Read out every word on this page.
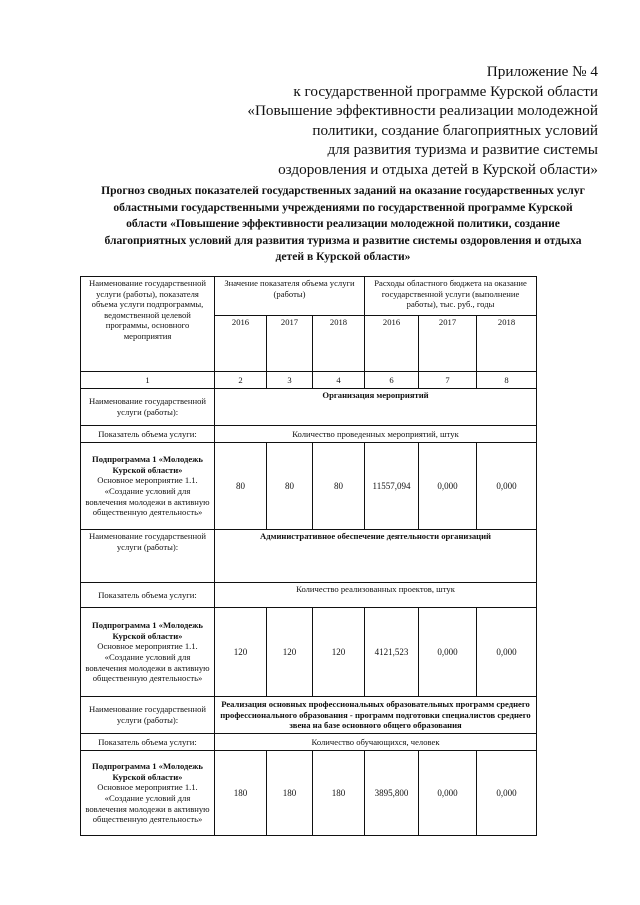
Приложение № 4
к государственной программе Курской области
«Повышение эффективности реализации молодежной
политики, создание благоприятных условий
для развития туризма и развитие системы
оздоровления и отдыха детей в Курской области»
Прогноз сводных показателей государственных заданий на оказание государственных услуг
областными государственными учреждениями по государственной программе Курской
области «Повышение эффективности реализации молодежной политики, создание
благоприятных условий для развития туризма и развитие системы оздоровления и отдыха
детей в Курской области»
Наименование государственной услуги (работы), показателя объема услуги подпрограммы, ведомственной целевой программы, основного мероприятия	Значение показателя объема услуги (работы)			Расходы областного бюджета на оказание государственной услуги (выполнение работы), тыс. руб., годы		
	2016	2017	2018	2016	2017	2018
1	2	3	4	6	7	8
Наименование государственной услуги (работы):	Организация мероприятий					
Показатель объема услуги:	Количество проведенных мероприятий, штук					

Подпрограмма 1 «Молодежь Курской области»
Основное мероприятие 1.1. «Создание условий для вовлечения молодежи в активную общественную деятельность»	80	80	80	11557,094	0,000	0,000
Наименование государственной услуги (работы):	Административное обеспечение деятельности организаций					
Показатель объема услуги:	Количество реализованных проектов, штук					

Подпрограмма 1 «Молодежь Курской области»
Основное мероприятие 1.1. «Создание условий для вовлечения молодежи в активную общественную деятельность»	120	120	120	4121,523	0,000	0,000
Наименование государственной услуги (работы):	Реализация основных профессиональных образовательных программ среднего профессионального образования - программ подготовки специалистов среднего звена на базе основного общего образования					
Показатель объема услуги:	Количество обучающихся, человек					

Подпрограмма 1 «Молодежь Курской области»
Основное мероприятие 1.1. «Создание условий для вовлечения молодежи в активную общественную деятельность»	180	180	180	3895,800	0,000	0,000
